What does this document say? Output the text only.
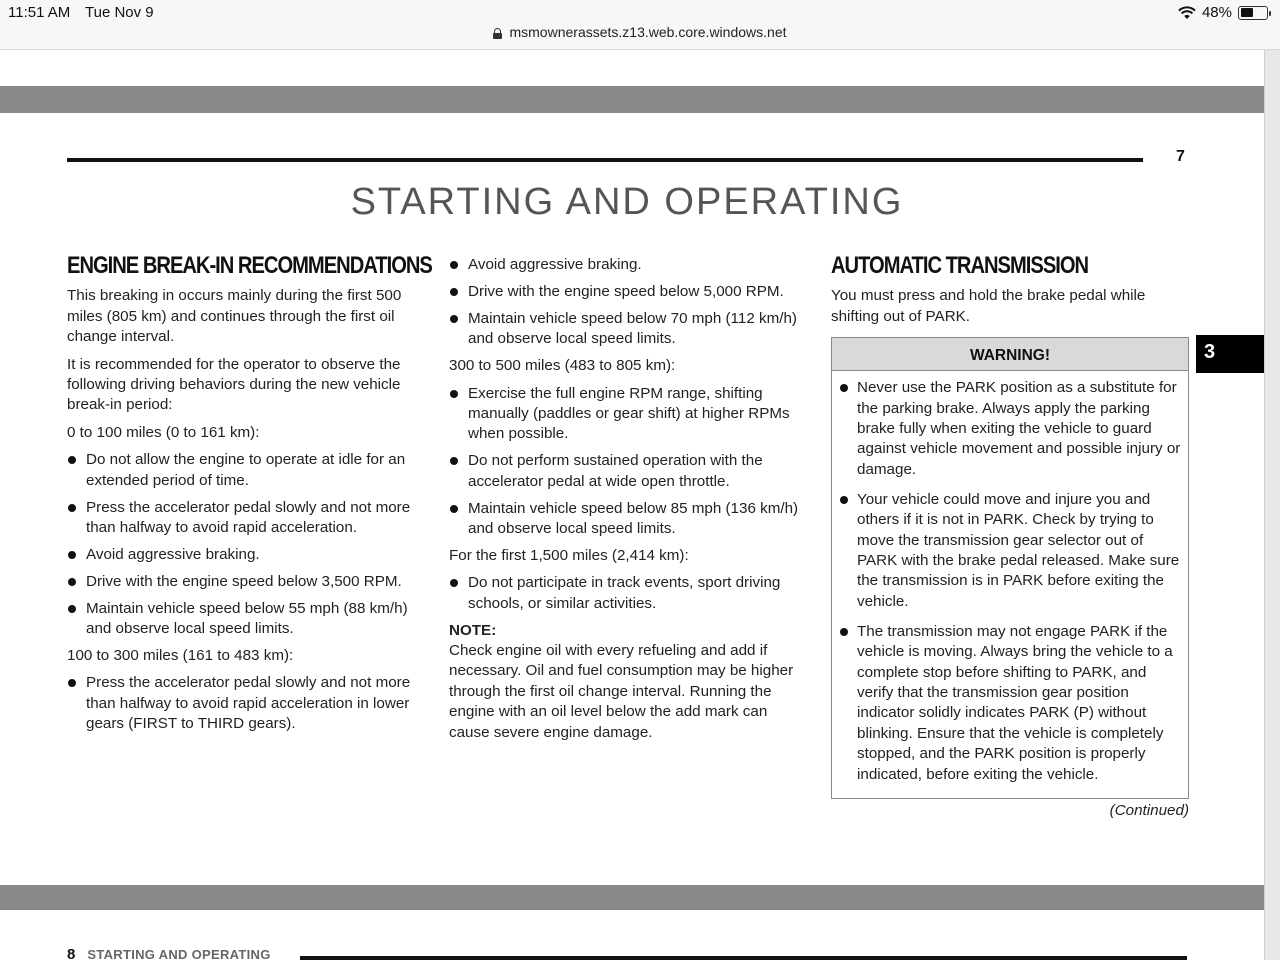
11:51 AM Tue Nov 9	48%
msmownerassets.z13.web.core.windows.net
7
STARTING AND OPERATING
3
ENGINE BREAK-IN RECOMMENDATIONS

This breaking in occurs mainly during the first 500 miles (805 km) and continues through the first oil change interval.

It is recommended for the operator to observe the following driving behaviors during the new vehicle break-in period:

0 to 100 miles (0 to 161 km):

Do not allow the engine to operate at idle for an extended period of time.
Press the accelerator pedal slowly and not more than halfway to avoid rapid acceleration.
Avoid aggressive braking.
Drive with the engine speed below 3,500 RPM.
Maintain vehicle speed below 55 mph (88 km/h) and observe local speed limits.

100 to 300 miles (161 to 483 km):

Press the accelerator pedal slowly and not more than halfway to avoid rapid acceleration in lower gears (FIRST to THIRD gears).
Avoid aggressive braking.
Drive with the engine speed below 5,000 RPM.
Maintain vehicle speed below 70 mph (112 km/h) and observe local speed limits.

300 to 500 miles (483 to 805 km):

Exercise the full engine RPM range, shifting manually (paddles or gear shift) at higher RPMs when possible.
Do not perform sustained operation with the accelerator pedal at wide open throttle.
Maintain vehicle speed below 85 mph (136 km/h) and observe local speed limits.

For the first 1,500 miles (2,414 km):

Do not participate in track events, sport driving schools, or similar activities.

NOTE:

Check engine oil with every refueling and add if necessary. Oil and fuel consumption may be higher through the first oil change interval. Running the engine with an oil level below the add mark can cause severe engine damage.

AUTOMATIC TRANSMISSION

You must press and hold the brake pedal while shifting out of PARK.

WARNING!
Never use the PARK position as a substitute for the parking brake. Always apply the parking brake fully when exiting the vehicle to guard against vehicle movement and possible injury or damage.
Your vehicle could move and injure you and others if it is not in PARK. Check by trying to move the transmission gear selector out of PARK with the brake pedal released. Make sure the transmission is in PARK before exiting the vehicle.
The transmission may not engage PARK if the vehicle is moving. Always bring the vehicle to a complete stop before shifting to PARK, and verify that the transmission gear position indicator solidly indicates PARK (P) without blinking. Ensure that the vehicle is completely stopped, and the PARK position is properly indicated, before exiting the vehicle.

(Continued)

8 STARTING AND OPERATING
